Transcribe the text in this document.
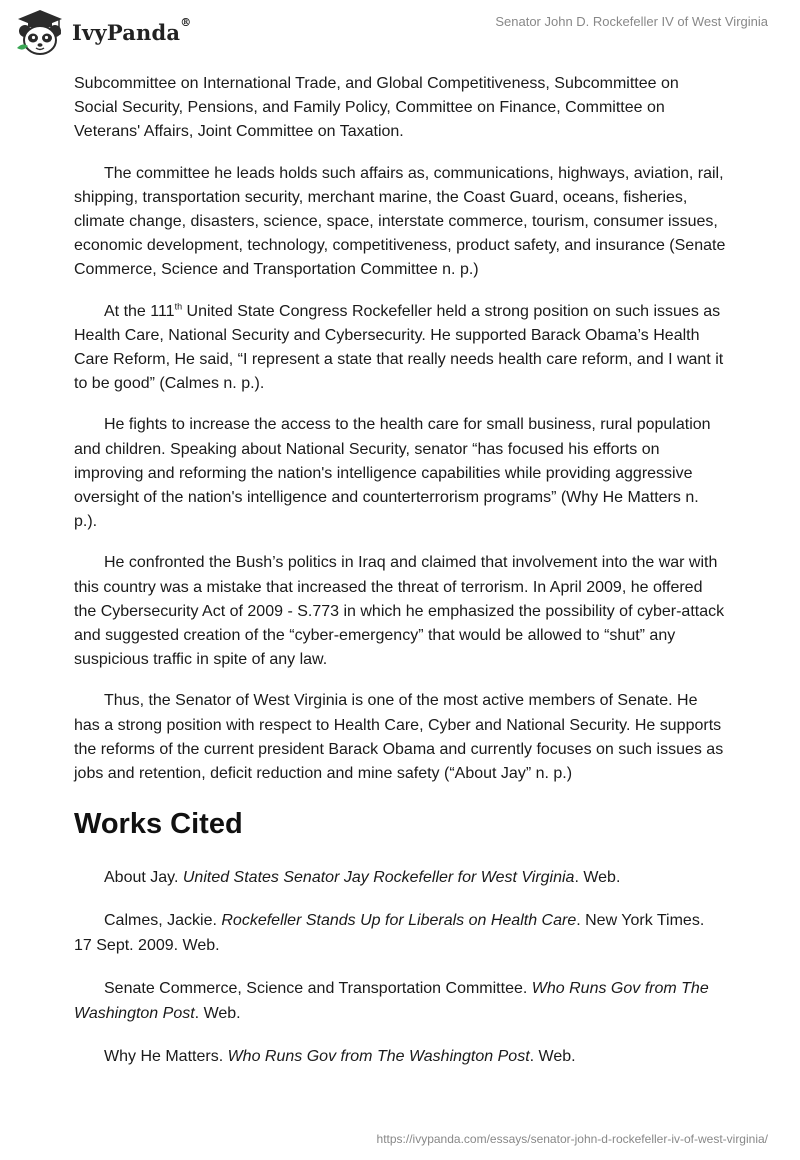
IvyPanda®	Senator John D. Rockefeller IV of West Virginia

Subcommittee on International Trade, and Global Competitiveness, Subcommittee on Social Security, Pensions, and Family Policy, Committee on Finance, Committee on Veterans' Affairs, Joint Committee on Taxation.

The committee he leads holds such affairs as, communications, highways, aviation, rail, shipping, transportation security, merchant marine, the Coast Guard, oceans, fisheries, climate change, disasters, science, space, interstate commerce, tourism, consumer issues, economic development, technology, competitiveness, product safety, and insurance (Senate Commerce, Science and Transportation Committee n. p.)

At the 111th United State Congress Rockefeller held a strong position on such issues as Health Care, National Security and Cybersecurity. He supported Barack Obama’s Health Care Reform, He said, “I represent a state that really needs health care reform, and I want it to be good” (Calmes n. p.).

He fights to increase the access to the health care for small business, rural population and children. Speaking about National Security, senator “has focused his efforts on improving and reforming the nation's intelligence capabilities while providing aggressive oversight of the nation's intelligence and counterterrorism programs” (Why He Matters n. p.).

He confronted the Bush’s politics in Iraq and claimed that involvement into the war with this country was a mistake that increased the threat of terrorism. In April 2009, he offered the Cybersecurity Act of 2009 - S.773 in which he emphasized the possibility of cyber-attack and suggested creation of the “cyber-emergency” that would be allowed to “shut” any suspicious traffic in spite of any law.

Thus, the Senator of West Virginia is one of the most active members of Senate. He has a strong position with respect to Health Care, Cyber and National Security. He supports the reforms of the current president Barack Obama and currently focuses on such issues as jobs and retention, deficit reduction and mine safety (“About Jay” n. p.)

Works Cited

About Jay. United States Senator Jay Rockefeller for West Virginia. Web.

Calmes, Jackie. Rockefeller Stands Up for Liberals on Health Care. New York Times. 17 Sept. 2009. Web.

Senate Commerce, Science and Transportation Committee. Who Runs Gov from The Washington Post. Web.

Why He Matters. Who Runs Gov from The Washington Post. Web.

https://ivypanda.com/essays/senator-john-d-rockefeller-iv-of-west-virginia/
